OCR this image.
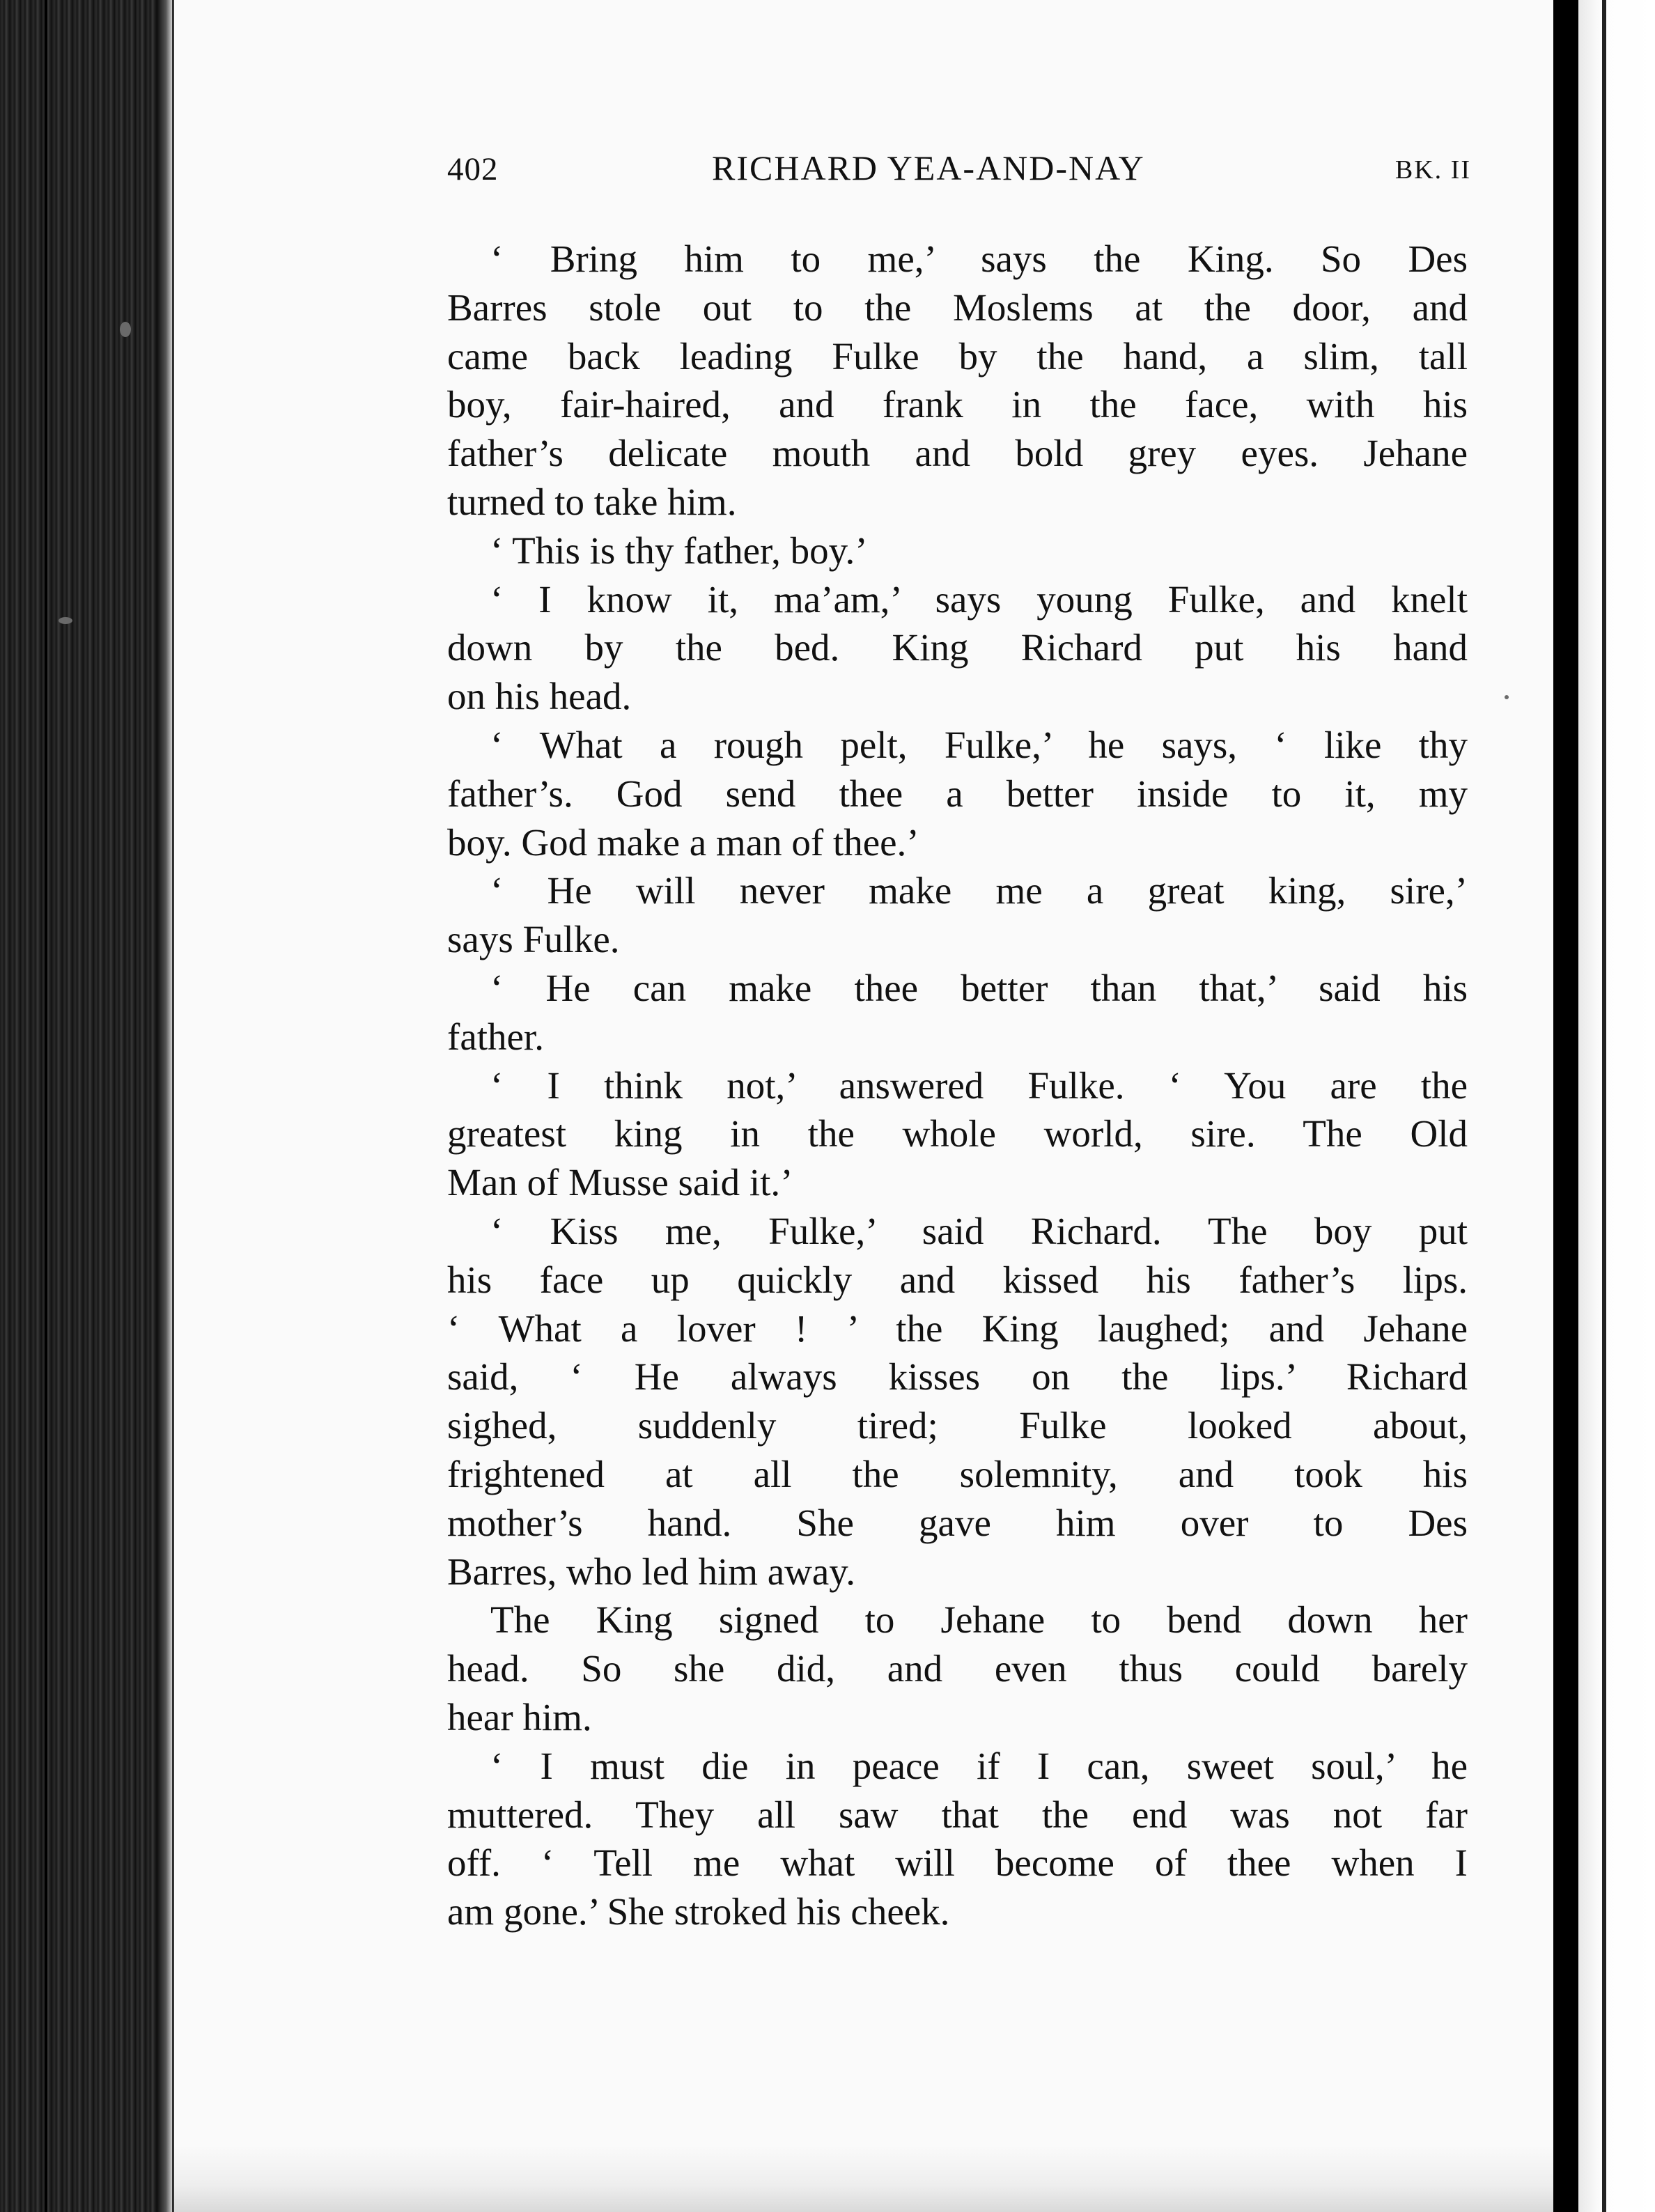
402	RICHARD YEA-AND-NAY	BK. II
‘ Bring him to me,’ says the King. So Des
Barres stole out to the Moslems at the door, and
came back leading Fulke by the hand, a slim, tall
boy, fair-haired, and frank in the face, with his
father’s delicate mouth and bold grey eyes. Jehane
turned to take him.
‘ This is thy father, boy.’
‘ I know it, ma’am,’ says young Fulke, and knelt
down by the bed. King Richard put his hand
on his head.
‘ What a rough pelt, Fulke,’ he says, ‘ like thy
father’s. God send thee a better inside to it, my
boy. God make a man of thee.’
‘ He will never make me a great king, sire,’
says Fulke.
‘ He can make thee better than that,’ said his
father.
‘ I think not,’ answered Fulke. ‘ You are the
greatest king in the whole world, sire. The Old
Man of Musse said it.’
‘ Kiss me, Fulke,’ said Richard. The boy put
his face up quickly and kissed his father’s lips.
‘ What a lover ! ’ the King laughed; and Jehane
said, ‘ He always kisses on the lips.’ Richard
sighed, suddenly tired; Fulke looked about,
frightened at all the solemnity, and took his
mother’s hand. She gave him over to Des
Barres, who led him away.
The King signed to Jehane to bend down her
head. So she did, and even thus could barely
hear him.
‘ I must die in peace if I can, sweet soul,’ he
muttered. They all saw that the end was not far
off. ‘ Tell me what will become of thee when I
am gone.’ She stroked his cheek.
